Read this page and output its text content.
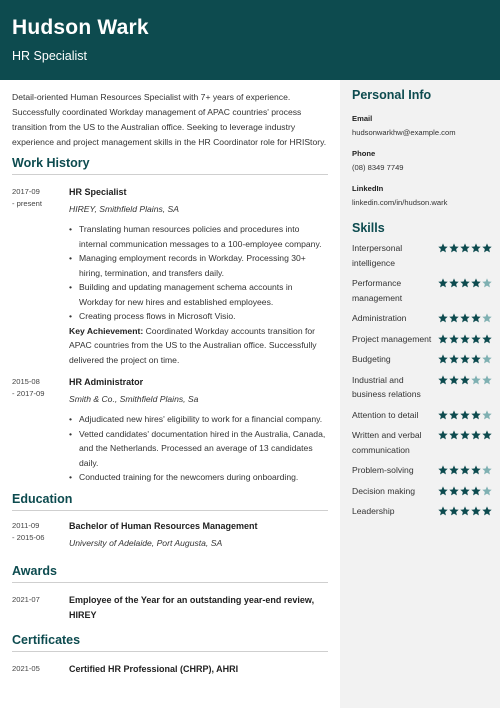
Hudson Wark
HR Specialist

Detail-oriented Human Resources Specialist with 7+ years of experience. Successfully coordinated Workday management of APAC countries' process transition from the US to the Australian office. Seeking to leverage industry experience and project management skills in the HR Coordinator role for HRIStory.

Work History
2017-09
- present
HR Specialist
HIREY, Smithfield Plains, SA
• Translating human resources policies and procedures into internal communication messages to a 100-employee company.
• Managing employment records in Workday. Processing 30+ hiring, termination, and transfers daily.
• Building and updating management schema accounts in Workday for new hires and established employees.
• Creating process flows in Microsoft Visio.
Key Achievement: Coordinated Workday accounts transition for APAC countries from the US to the Australian office. Successfully delivered the project on time.
2015-08
- 2017-09
HR Administrator
Smith & Co., Smithfield Plains, Sa
• Adjudicated new hires' eligibility to work for a financial company.
• Vetted candidates' documentation hired in the Australia, Canada, and the Netherlands. Processed an average of 13 candidates daily.
• Conducted training for the newcomers during onboarding.
Education
2011-09
- 2015-06
Bachelor of Human Resources Management
University of Adelaide, Port Augusta, SA
Awards
2021-07	Employee of the Year for an outstanding year-end review, HIREY
Certificates
2021-05	Certified HR Professional (CHRP), AHRI
Personal Info
Email
hudsonwarkhw@example.com
Phone
(08) 8349 7749
LinkedIn
linkedin.com/in/hudson.wark
Skills
Interpersonal intelligence
Performance management
Administration
Project management
Budgeting
Industrial and business relations
Attention to detail
Written and verbal communication
Problem-solving
Decision making
Leadership
